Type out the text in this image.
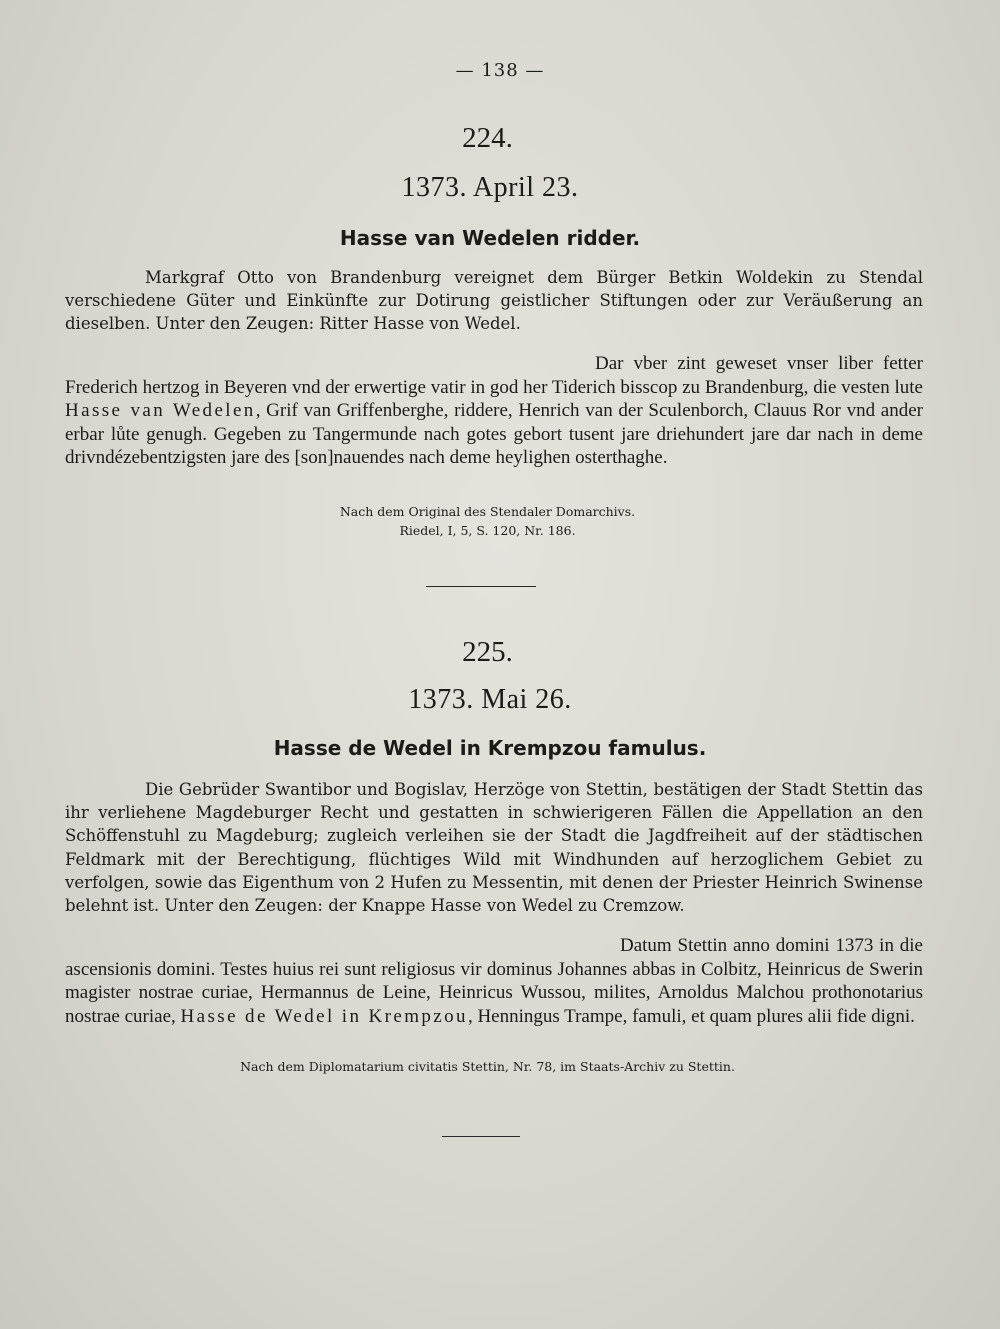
— 138 —
224.
1373. April 23.
Hasse van Wedelen ridder.

Markgraf Otto von Brandenburg vereignet dem Bürger Betkin Woldekin zu Stendal verschiedene Güter und Einkünfte zur Dotirung geistlicher Stiftungen oder zur Veräußerung an dieselben. Unter den Zeugen: Ritter Hasse von Wedel.

Dar vber zint geweset vnser liber fetter Frederich hertzog in Beyeren vnd der erwertige vatir in god her Tiderich bisscop zu Brandenburg, die vesten lute Hasse van Wedelen, Grif van Griffenberghe, riddere, Henrich van der Sculenborch, Clauus Ror vnd ander erbar lůte genugh. Gegeben zu Tangermunde nach gotes gebort tusent jare driehundert jare dar nach in deme drivndézebentzigsten jare des [son]nauendes nach deme heylighen osterthaghe.

Nach dem Original des Stendaler Domarchivs.
Riedel, I, 5, S. 120, Nr. 186.
225.
1373. Mai 26.
Hasse de Wedel in Krempzou famulus.

Die Gebrüder Swantibor und Bogislav, Herzöge von Stettin, bestätigen der Stadt Stettin das ihr verliehene Magdeburger Recht und gestatten in schwierigeren Fällen die Appellation an den Schöffenstuhl zu Magdeburg; zugleich verleihen sie der Stadt die Jagdfreiheit auf der städtischen Feldmark mit der Berechtigung, flüchtiges Wild mit Windhunden auf herzoglichem Gebiet zu verfolgen, sowie das Eigenthum von 2 Hufen zu Messentin, mit denen der Priester Heinrich Swinense belehnt ist. Unter den Zeugen: der Knappe Hasse von Wedel zu Cremzow.

Datum Stettin anno domini 1373 in die ascensionis domini. Testes huius rei sunt religiosus vir dominus Johannes abbas in Colbitz, Heinricus de Swerin magister nostrae curiae, Hermannus de Leine, Heinricus Wussou, milites, Arnoldus Malchou prothonotarius nostrae curiae, Hasse de Wedel in Krempzou, Henningus Trampe, famuli, et quam plures alii fide digni.

Nach dem Diplomatarium civitatis Stettin, Nr. 78, im Staats-Archiv zu Stettin.
